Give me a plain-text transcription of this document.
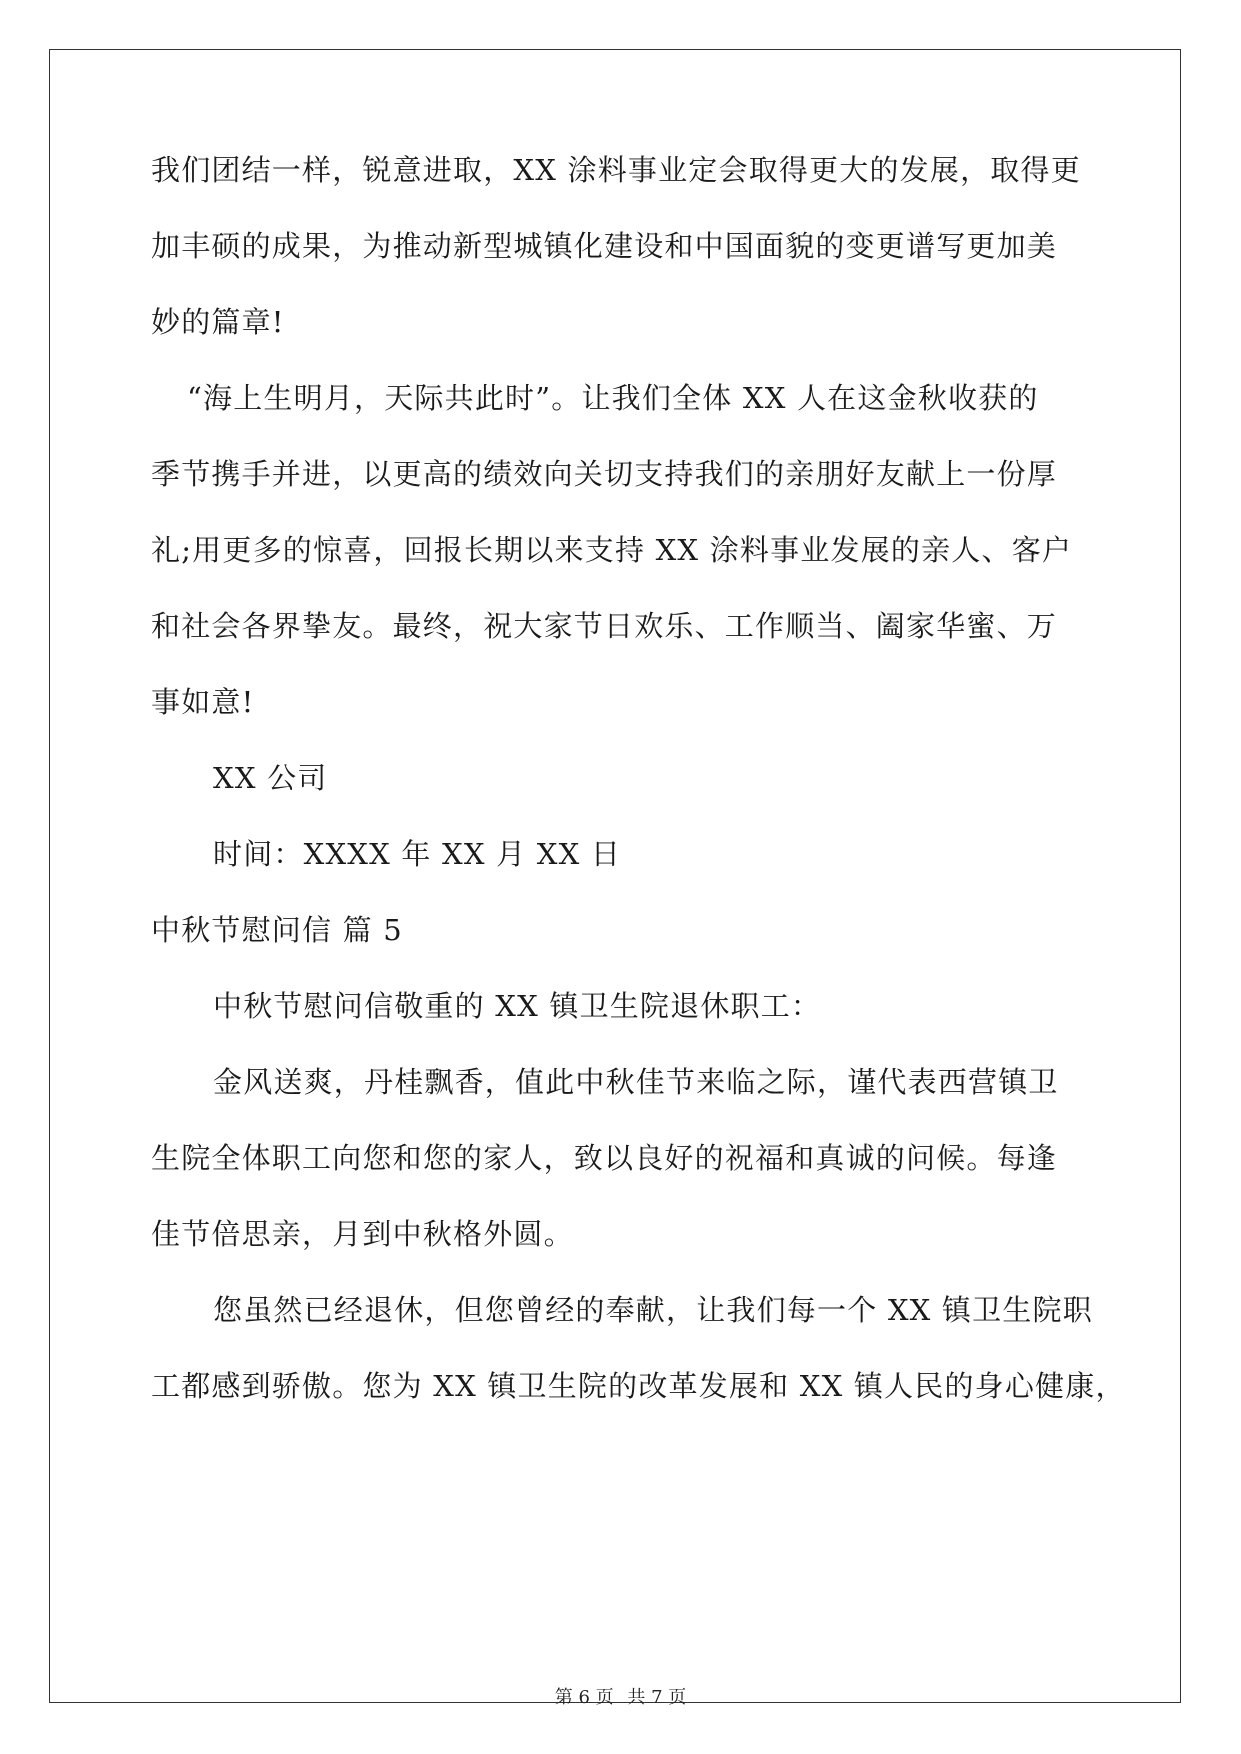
我们团结一样，锐意进取，XX 涂料事业定会取得更大的发展，取得更
加丰硕的成果，为推动新型城镇化建设和中国面貌的变更谱写更加美
妙的篇章!
“海上生明月，天际共此时”。让我们全体 XX 人在这金秋收获的
季节携手并进，以更高的绩效向关切支持我们的亲朋好友献上一份厚
礼;用更多的惊喜，回报长期以来支持 XX 涂料事业发展的亲人、客户
和社会各界挚友。最终，祝大家节日欢乐、工作顺当、阖家华蜜、万
事如意!
XX 公司
时间：XXXX 年 XX 月 XX 日
中秋节慰问信 篇 5
中秋节慰问信敬重的 XX 镇卫生院退休职工：
金风送爽，丹桂飘香，值此中秋佳节来临之际，谨代表西营镇卫
生院全体职工向您和您的家人，致以良好的祝福和真诚的问候。每逢
佳节倍思亲，月到中秋格外圆。
您虽然已经退休，但您曾经的奉献，让我们每一个 XX 镇卫生院职
工都感到骄傲。您为 XX 镇卫生院的改革发展和 XX 镇人民的身心健康，
第 6 页 共 7 页
